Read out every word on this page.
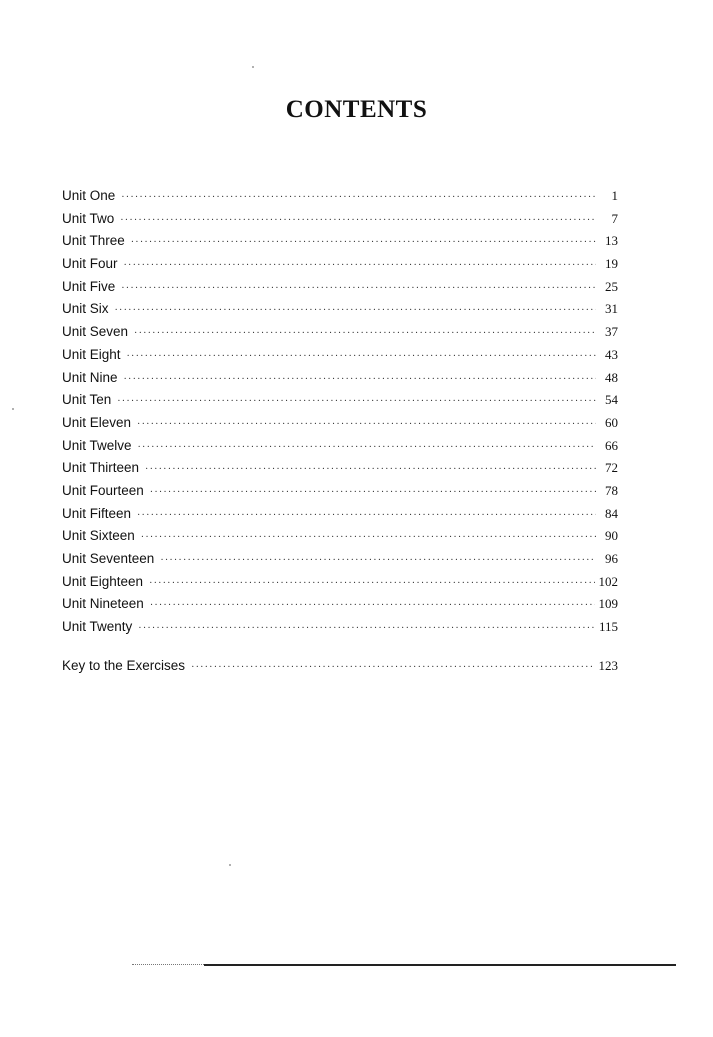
CONTENTS
Unit One ·····	1
Unit Two ·····	7
Unit Three ·····	13
Unit Four ·····	19
Unit Five ·····	25
Unit Six ·····	31
Unit Seven ·····	37
Unit Eight ·····	43
Unit Nine ·····	48
Unit Ten ·····	54
Unit Eleven ·····	60
Unit Twelve ·····	66
Unit Thirteen ·····	72
Unit Fourteen ·····	78
Unit Fifteen ·····	84
Unit Sixteen ·····	90
Unit Seventeen ·····	96
Unit Eighteen ·····	102
Unit Nineteen ·····	109
Unit Twenty ·····	115
Key to the Exercises ·····	123
